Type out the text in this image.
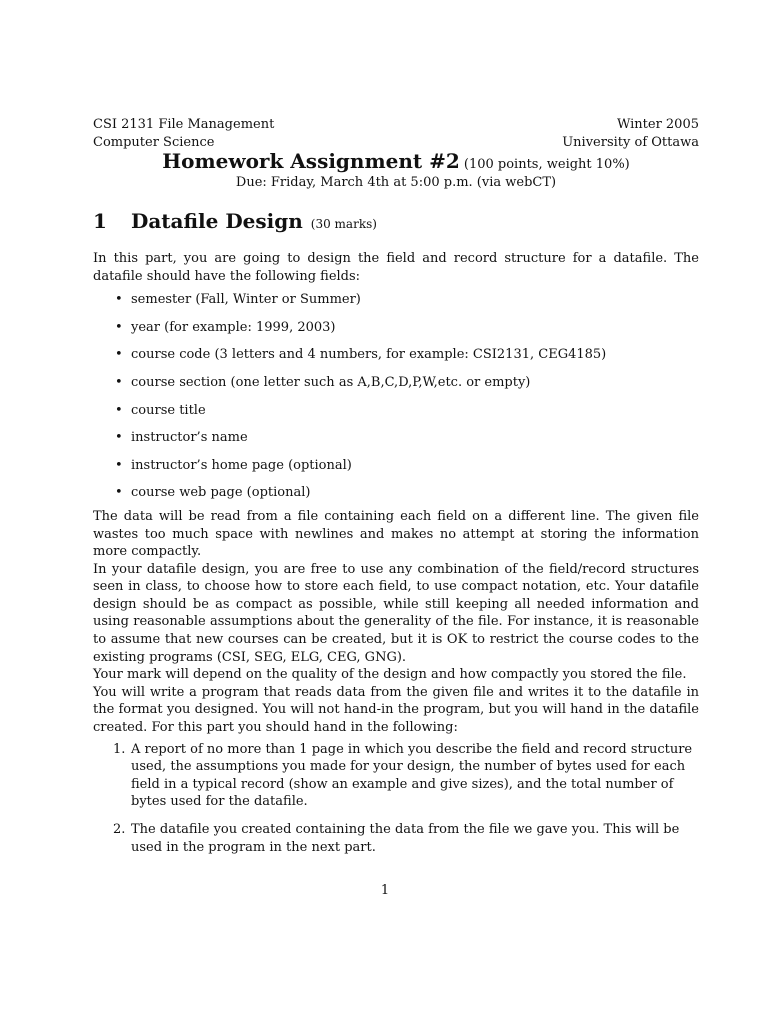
CSI 2131 File Management	Winter 2005
Computer Science	University of Ottawa
Homework Assignment #2 (100 points, weight 10%)
Due: Friday, March 4th at 5:00 p.m. (via webCT)
1	Datafile Design (30 marks)

In this part, you are going to design the field and record structure for a datafile. The datafile should have the following fields:

• semester (Fall, Winter or Summer)
• year (for example: 1999, 2003)
• course code (3 letters and 4 numbers, for example: CSI2131, CEG4185)
• course section (one letter such as A,B,C,D,P,W,etc. or empty)
• course title
• instructor’s name
• instructor’s home page (optional)
• course web page (optional)

The data will be read from a file containing each field on a different line. The given file wastes too much space with newlines and makes no attempt at storing the information more compactly.

In your datafile design, you are free to use any combination of the field/record structures seen in class, to choose how to store each field, to use compact notation, etc. Your datafile design should be as compact as possible, while still keeping all needed information and using reasonable assumptions about the generality of the file. For instance, it is reasonable to assume that new courses can be created, but it is OK to restrict the course codes to the existing programs (CSI, SEG, ELG, CEG, GNG).

Your mark will depend on the quality of the design and how compactly you stored the file.

You will write a program that reads data from the given file and writes it to the datafile in the format you designed. You will not hand-in the program, but you will hand in the datafile created. For this part you should hand in the following:

1. A report of no more than 1 page in which you describe the field and record structure used, the assumptions you made for your design, the number of bytes used for each field in a typical record (show an example and give sizes), and the total number of bytes used for the datafile.
2. The datafile you created containing the data from the file we gave you. This will be used in the program in the next part.
1
